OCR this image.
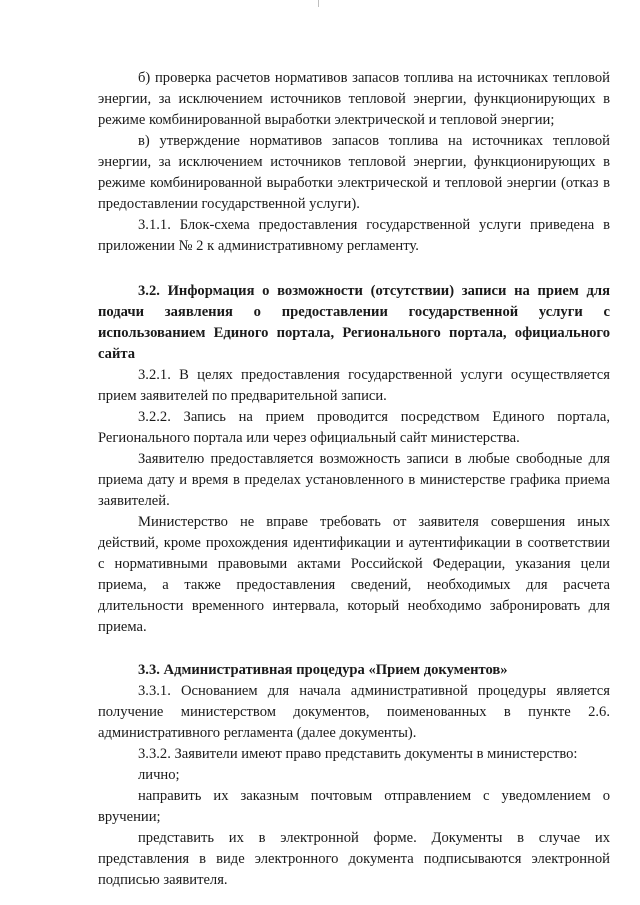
б) проверка расчетов нормативов запасов топлива на источниках тепловой энергии, за исключением источников тепловой энергии, функционирующих в режиме комбинированной выработки электрической и тепловой энергии;

в) утверждение нормативов запасов топлива на источниках тепловой энергии, за исключением источников тепловой энергии, функционирующих в режиме комбинированной выработки электрической и тепловой энергии (отказ в предоставлении государственной услуги).

3.1.1. Блок-схема предоставления государственной услуги приведена в приложении № 2 к административному регламенту.

3.2. Информация о возможности (отсутствии) записи на прием для подачи заявления о предоставлении государственной услуги с использованием Единого портала, Регионального портала, официального сайта

3.2.1. В целях предоставления государственной услуги осуществляется прием заявителей по предварительной записи.

3.2.2. Запись на прием проводится посредством Единого портала, Регионального портала или через официальный сайт министерства.

Заявителю предоставляется возможность записи в любые свободные для приема дату и время в пределах установленного в министерстве графика приема заявителей.

Министерство не вправе требовать от заявителя совершения иных действий, кроме прохождения идентификации и аутентификации в соответствии с нормативными правовыми актами Российской Федерации, указания цели приема, а также предоставления сведений, необходимых для расчета длительности временного интервала, который необходимо забронировать для приема.

3.3. Административная процедура «Прием документов»

3.3.1. Основанием для начала административной процедуры является получение министерством документов, поименованных в пункте 2.6. административного регламента (далее документы).

3.3.2. Заявители имеют право представить документы в министерство:

лично;

направить их заказным почтовым отправлением с уведомлением о вручении;

представить их в электронной форме. Документы в случае их представления в виде электронного документа подписываются электронной подписью заявителя.
